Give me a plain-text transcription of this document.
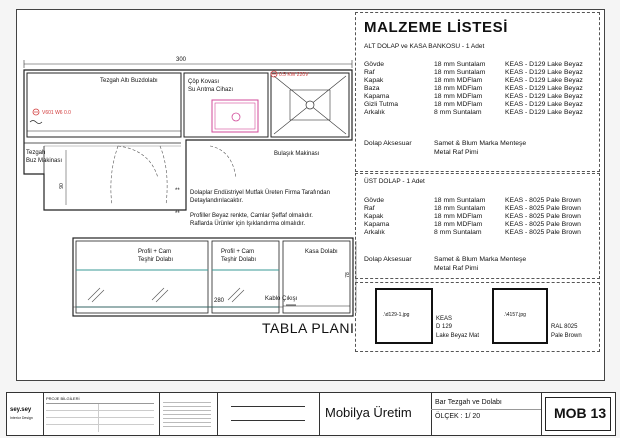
300
Tezgah Altı Buzdolabı	Çöp Kovası
Su Arıtma Cihazı
V601 W6 0.0
0.5 KW 220V
Bulaşık Makinası
Tezgah
Buz Makinası
90
** Dolaplar Endüstriyel Mutfak Üreten Firma Tarafından
Detaylandırılacaktır.
** Profiller Beyaz renkte, Camlar Şeffaf olmalıdır.
Raflarda Ürünler için Işıklandırma olmalıdır.
Profil + Cam
Teşhir Dolabı
Profil + Cam
Teşhir Dolabı
Kasa Dolabı
78
Kablo Çıkışı
280
TABLA PLANI
MALZEME LİSTESİ
ALT DOLAP ve KASA BANKOSU - 1 Adet
Gövde	18 mm Suntalam	KEAS - D129 Lake Beyaz
Raf	18 mm Suntalam	KEAS - D129 Lake Beyaz
Kapak	18 mm MDFlam	KEAS - D129 Lake Beyaz
Baza	18 mm MDFlam	KEAS - D129 Lake Beyaz
Kapama	18 mm MDFlam	KEAS - D129 Lake Beyaz
Gizli Tutma	18 mm MDFlam	KEAS - D129 Lake Beyaz
Arkalık	8 mm Suntalam	KEAS - D129 Lake Beyaz
Dolap Aksesuar	Samet & Blum Marka Menteşe
Metal Raf Pimi
ÜST DOLAP - 1 Adet
Gövde	18 mm Suntalam	KEAS - 8025 Pale Brown
Raf	18 mm Suntalam	KEAS - 8025 Pale Brown
Kapak	18 mm MDFlam	KEAS - 8025 Pale Brown
Kapama	18 mm MDFlam	KEAS - 8025 Pale Brown
Arkalık	8 mm Suntalam	KEAS - 8025 Pale Brown
Dolap Aksesuar	Samet & Blum Marka Menteşe
Metal Raf Pimi
.\d129-1.jpg
KEAS
D 129
Lake Beyaz Mat
.\4157.jpg
RAL 8025
Pale Brown
sey.sey
Interior Design
PROJE BİLGİLERİ
Mobilya Üretim
Bar Tezgah ve Dolabı
ÖLÇEK : 1/ 20	MOB 13
